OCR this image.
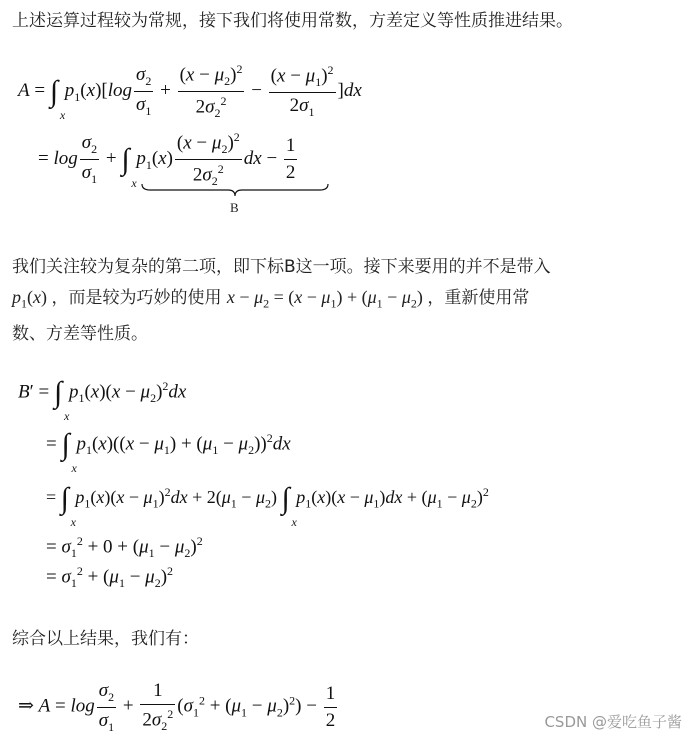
上述运算过程较为常规，接下我们将使用常数，方差定义等性质推进结果。
A = ∫
x
$p_1(x)[\log \frac{\sigma_2}{\sigma_1} + \frac{(x - \mu_2)^2}{2\sigma_2^2} - \frac{(x - \mu_1)^2}{2\sigma_1} ]dx$
= $\log \frac{\sigma_2}{\sigma_1}$ + ∫
x
$p_1(x) \frac{(x - \mu_2)^2}{2\sigma_2^2}$ dx − $\frac{1}{2}$
B
我们关注较为复杂的第二项，即下标B这一项。接下来要用的并不是带入
$p_1(x)$ ，而是较为巧妙的使用 $x - \mu_2 = (x - \mu_1) + (\mu_1 - \mu_2)$ ，重新使用常
数、方差等性质。
B′ = ∫
x
$p_1(x)(x - \mu_2)^2dx$
= ∫
x
$p_1(x)((x - \mu_1) + (\mu_1 - \mu_2))^2dx$
= ∫
x
$p_1(x)(x - \mu_1)^2dx + 2(\mu_1 - \mu_2)$ ∫
x
$p_1(x)(x - \mu_1)dx + (\mu_1 - \mu_2)^2$
= $\sigma_1^2 + 0 + (\mu_1 - \mu_2)^2$
= $\sigma_1^2 + (\mu_1 - \mu_2)^2$
综合以上结果，我们有：
⇒ $A = \log \frac{\sigma_2}{\sigma_1} + \frac{1}{2\sigma_2^2} (\sigma_1^2 + (\mu_1 - \mu_2)^2) - \frac{1}{2}$	CSDN @爱吃鱼子酱
